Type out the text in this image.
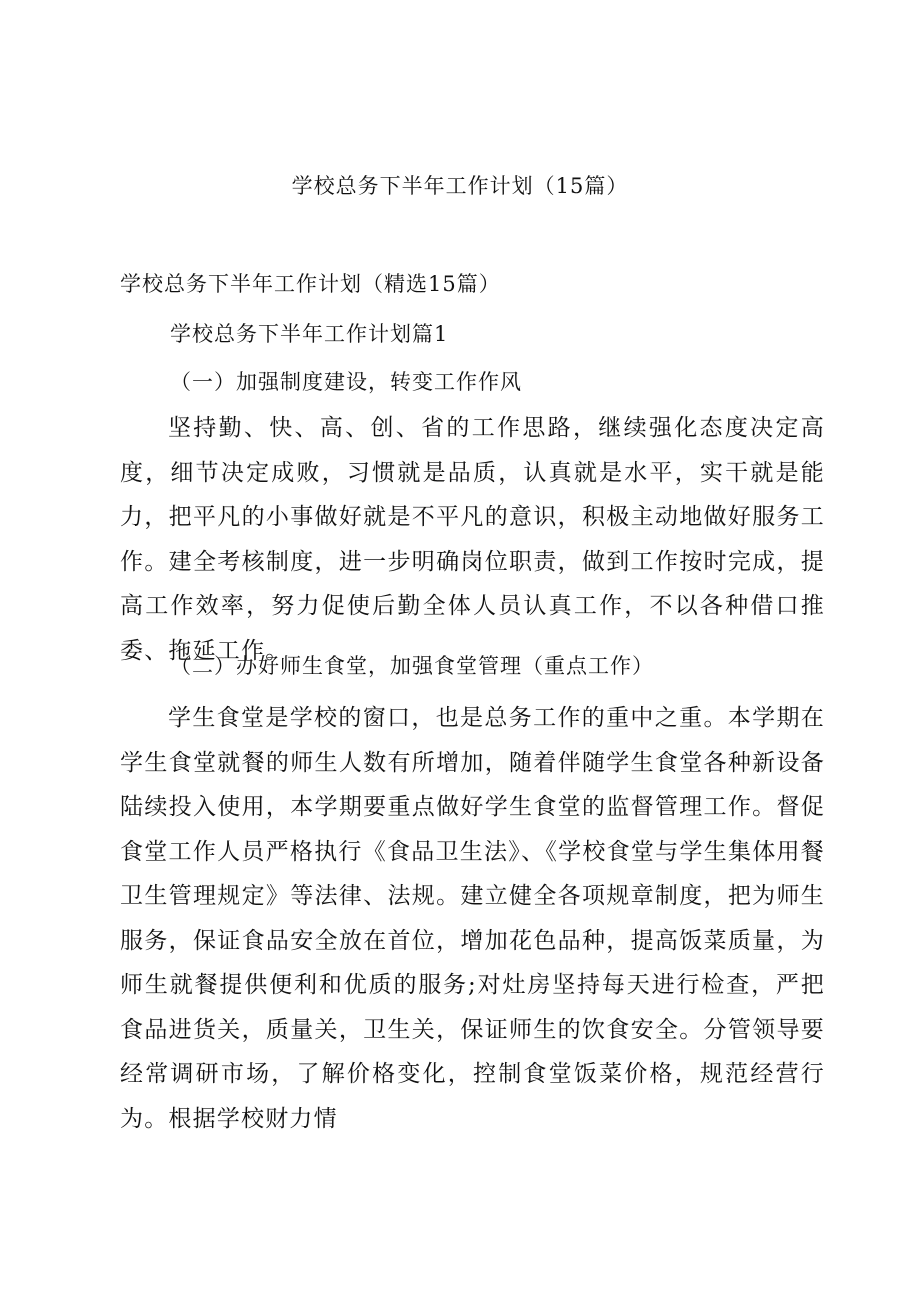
学校总务下半年工作计划（15篇）
学校总务下半年工作计划（精选15篇）
学校总务下半年工作计划篇1
（一）加强制度建设，转变工作作风
坚持勤、快、高、创、省的工作思路，继续强化态度决定高度，细节决定成败，习惯就是品质，认真就是水平，实干就是能力，把平凡的小事做好就是不平凡的意识，积极主动地做好服务工作。建全考核制度，进一步明确岗位职责，做到工作按时完成，提高工作效率，努力促使后勤全体人员认真工作，不以各种借口推委、拖延工作。
（二）办好师生食堂，加强食堂管理（重点工作）
学生食堂是学校的窗口，也是总务工作的重中之重。本学期在学生食堂就餐的师生人数有所增加，随着伴随学生食堂各种新设备陆续投入使用，本学期要重点做好学生食堂的监督管理工作。督促食堂工作人员严格执行《食品卫生法》、《学校食堂与学生集体用餐卫生管理规定》等法律、法规。建立健全各项规章制度，把为师生服务，保证食品安全放在首位，增加花色品种，提高饭菜质量，为师生就餐提供便利和优质的服务;对灶房坚持每天进行检查，严把食品进货关，质量关，卫生关，保证师生的饮食安全。分管领导要经常调研市场，了解价格变化，控制食堂饭菜价格，规范经营行为。根据学校财力情
